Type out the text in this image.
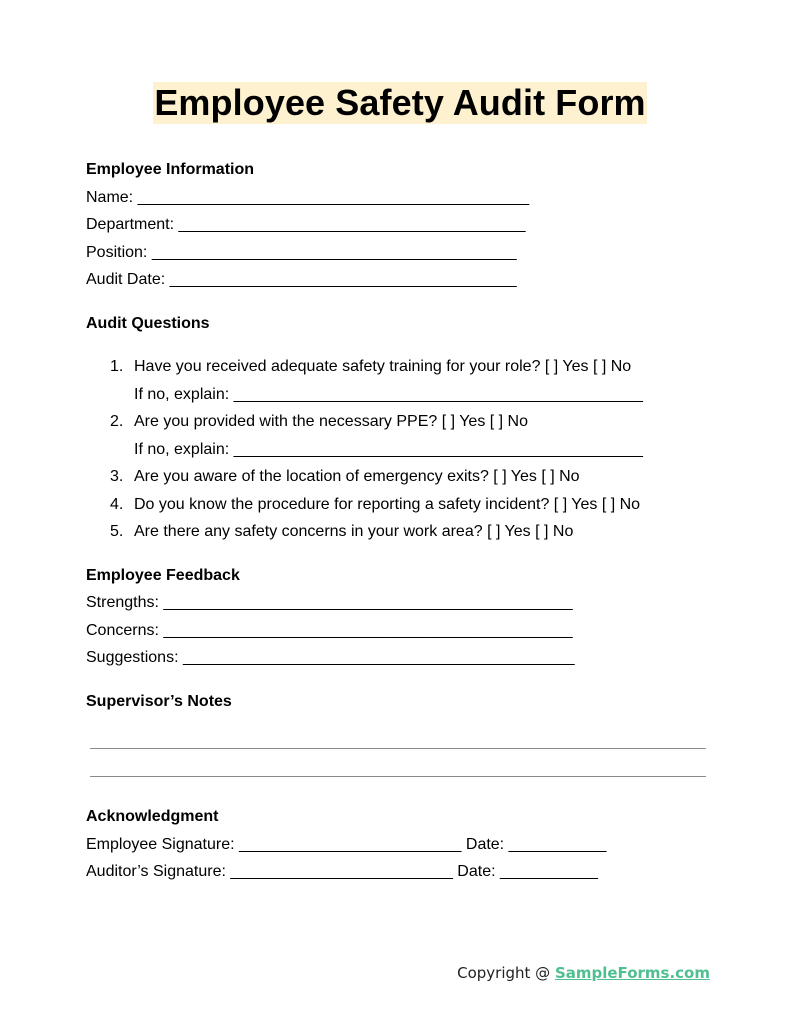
Employee Safety Audit Form
Employee Information
Name: ____________________________________________
Department: _______________________________________
Position: _________________________________________
Audit Date: _______________________________________
Audit Questions
1. Have you received adequate safety training for your role? [ ] Yes [ ] No
If no, explain: ______________________________________________
2. Are you provided with the necessary PPE? [ ] Yes [ ] No
If no, explain: ______________________________________________
3. Are you aware of the location of emergency exits? [ ] Yes [ ] No
4. Do you know the procedure for reporting a safety incident? [ ] Yes [ ] No
5. Are there any safety concerns in your work area? [ ] Yes [ ] No
Employee Feedback
Strengths: ______________________________________________
Concerns: ______________________________________________
Suggestions: ____________________________________________
Supervisor’s Notes
Acknowledgment
Employee Signature: _________________________ Date: ___________
Auditor’s Signature: _________________________ Date: ___________
Copyright @ SampleForms.com
